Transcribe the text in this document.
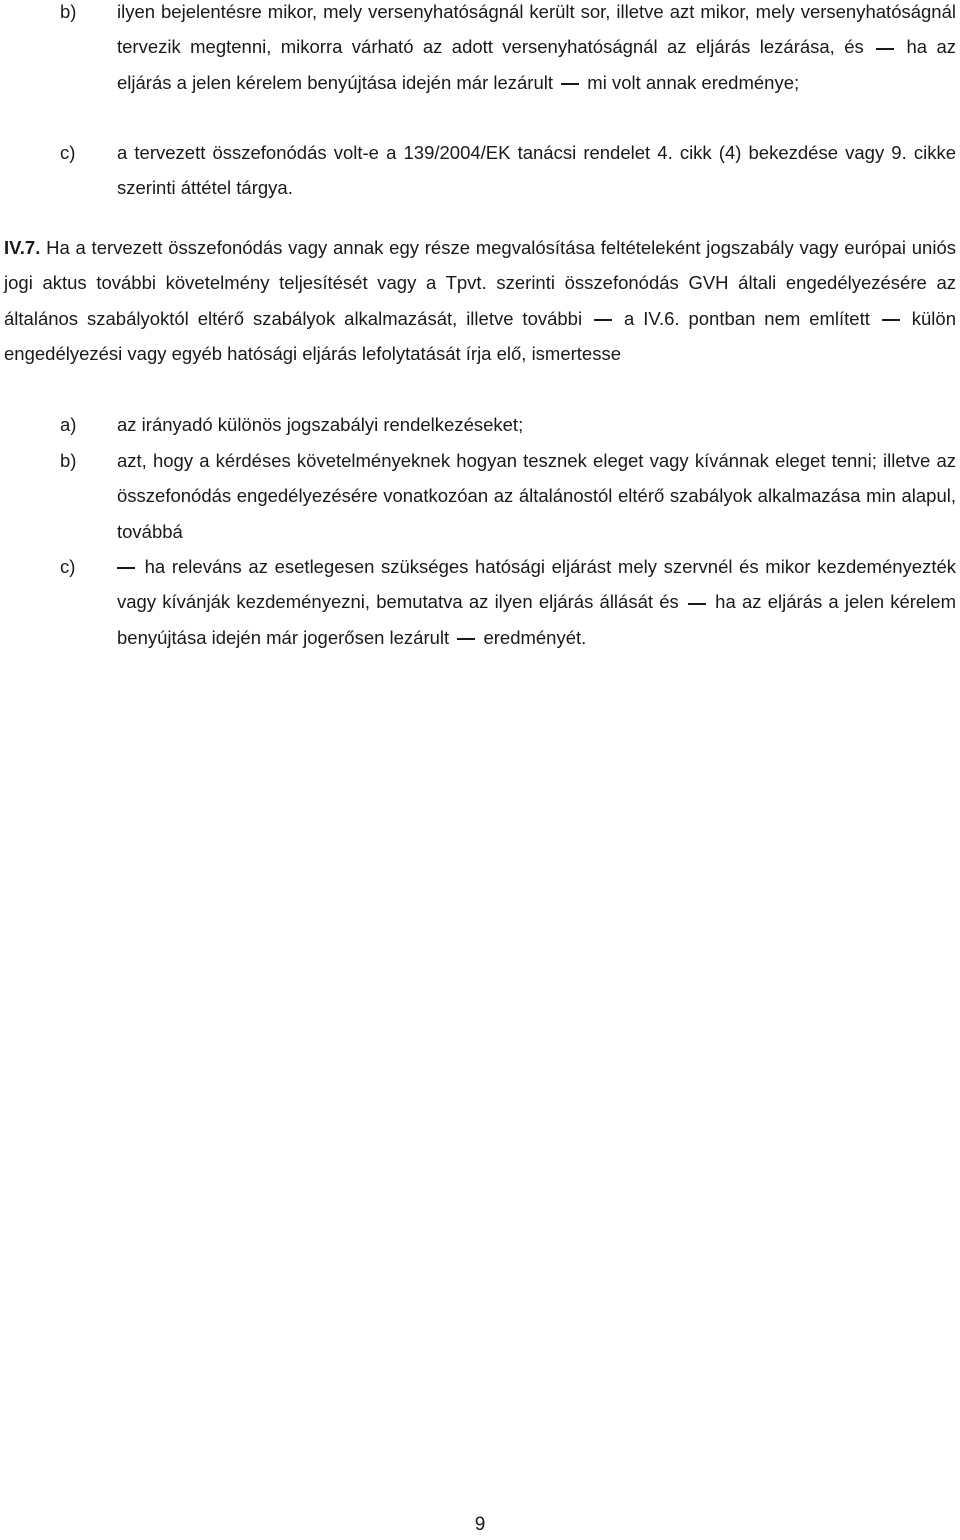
b)	ilyen bejelentésre mikor, mely versenyhatóságnál került sor, illetve azt mikor, mely versenyhatóságnál tervezik megtenni, mikorra várható az adott versenyhatóságnál az eljárás lezárása, és  ha az eljárás a jelen kérelem benyújtása idején már lezárult  mi volt annak eredménye;
c)	a tervezett összefonódás volt-e a 139/2004/EK tanácsi rendelet 4. cikk (4) bekezdése vagy 9. cikke szerinti áttétel tárgya.

IV.7. Ha a tervezett összefonódás vagy annak egy része megvalósítása feltételeként jogszabály vagy európai uniós jogi aktus további követelmény teljesítését vagy a Tpvt. szerinti összefonódás GVH általi engedélyezésére az általános szabályoktól eltérő szabályok alkalmazását, illetve további  a IV.6. pontban nem említett  külön engedélyezési vagy egyéb hatósági eljárás lefolytatását írja elő, ismertesse

a)	az irányadó különös jogszabályi rendelkezéseket;
b)	azt, hogy a kérdéses követelményeknek hogyan tesznek eleget vagy kívánnak eleget tenni; illetve az összefonódás engedélyezésére vonatkozóan az általánostól eltérő szabályok alkalmazása min alapul, továbbá
c)	ha releváns az esetlegesen szükséges hatósági eljárást mely szervnél és mikor kezdeményezték vagy kívánják kezdeményezni, bemutatva az ilyen eljárás állását és  ha az eljárás a jelen kérelem benyújtása idején már jogerősen lezárult  eredményét.
9
